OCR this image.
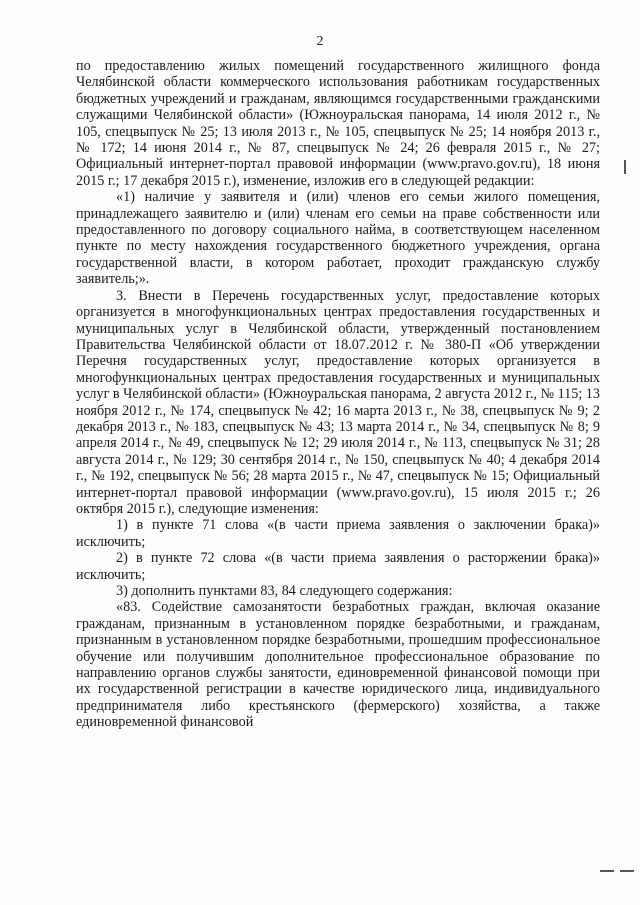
2

по предоставлению жилых помещений государственного жилищного фонда Челябинской области коммерческого использования работникам государственных бюджетных учреждений и гражданам, являющимся государственными гражданскими служащими Челябинской области» (Южноуральская панорама, 14 июля 2012 г., № 105, спецвыпуск № 25; 13 июля 2013 г., № 105, спецвыпуск № 25; 14 ноября 2013 г., № 172; 14 июня 2014 г., № 87, спецвыпуск № 24; 26 февраля 2015 г., № 27; Официальный интернет-портал правовой информации (www.pravo.gov.ru), 18 июня 2015 г.; 17 декабря 2015 г.), изменение, изложив его в следующей редакции:

«1) наличие у заявителя и (или) членов его семьи жилого помещения, принадлежащего заявителю и (или) членам его семьи на праве собственности или предоставленного по договору социального найма, в соответствующем населенном пункте по месту нахождения государственного бюджетного учреждения, органа государственной власти, в котором работает, проходит гражданскую службу заявитель;».

3. Внести в Перечень государственных услуг, предоставление которых организуется в многофункциональных центрах предоставления государственных и муниципальных услуг в Челябинской области, утвержденный постановлением Правительства Челябинской области от 18.07.2012 г. № 380-П «Об утверждении Перечня государственных услуг, предоставление которых организуется в многофункциональных центрах предоставления государственных и муниципальных услуг в Челябинской области» (Южноуральская панорама, 2 августа 2012 г., № 115; 13 ноября 2012 г., № 174, спецвыпуск № 42; 16 марта 2013 г., № 38, спецвыпуск № 9; 2 декабря 2013 г., № 183, спецвыпуск № 43; 13 марта 2014 г., № 34, спецвыпуск № 8; 9 апреля 2014 г., № 49, спецвыпуск № 12; 29 июля 2014 г., № 113, спецвыпуск № 31; 28 августа 2014 г., № 129; 30 сентября 2014 г., № 150, спецвыпуск № 40; 4 декабря 2014 г., № 192, спецвыпуск № 56; 28 марта 2015 г., № 47, спецвыпуск № 15; Официальный интернет-портал правовой информации (www.pravo.gov.ru), 15 июля 2015 г.; 26 октября 2015 г.), следующие изменения:

1) в пункте 71 слова «(в части приема заявления о заключении брака)» исключить;

2) в пункте 72 слова «(в части приема заявления о расторжении брака)» исключить;

3) дополнить пунктами 83, 84 следующего содержания:

«83. Содействие самозанятости безработных граждан, включая оказание гражданам, признанным в установленном порядке безработными, и гражданам, признанным в установленном порядке безработными, прошедшим профессиональное обучение или получившим дополнительное профессиональное образование по направлению органов службы занятости, единовременной финансовой помощи при их государственной регистрации в качестве юридического лица, индивидуального предпринимателя либо крестьянского (фермерского) хозяйства, а также единовременной финансовой
